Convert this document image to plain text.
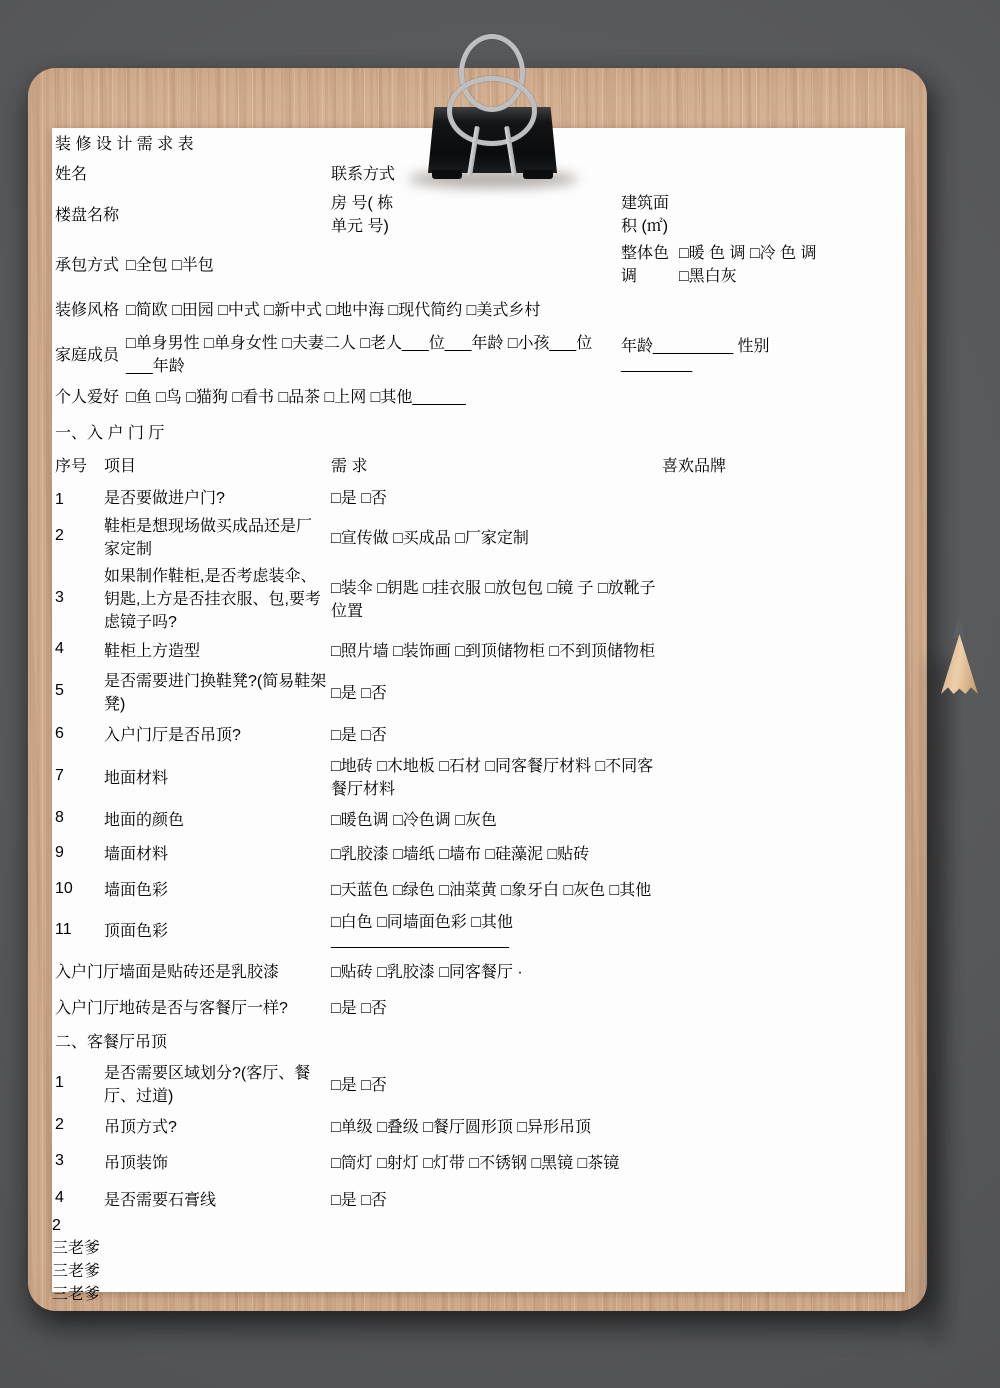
装 修 设 计 需 求 表					
姓名		联系方式			
楼盘名称		房 号( 栋 单元 号)		建筑面积 (㎡)	
承包方式	□全包 □半包			整体色调	□暖 色 调 □冷 色 调 □黑白灰
装修风格	□简欧 □田园 □中式 □新中式 □地中海 □现代简约 □美式乡村				
家庭成员	□单身男性 □单身女性 □夫妻二人 □老人___位___年龄 □小孩___位___年龄			年龄_________ 性别 ________	
个人爱好	□鱼 □鸟 □猫狗 □看书 □品茶 □上网 □其他______				
一、入 户 门 厅			
序号	项目	需 求	喜欢品牌
1	是否要做进户门?	□是 □否	
2	鞋柜是想现场做买成品还是厂家定制	□宣传做 □买成品 □厂家定制	
3	如果制作鞋柜,是否考虑装伞、钥匙,上方是否挂衣服、包,要考虑镜子吗?	□装伞 □钥匙 □挂衣服 □放包包 □镜 子 □放靴子位置	
4	鞋柜上方造型	□照片墙 □装饰画 □到顶储物柜 □不到顶储物柜	
5	是否需要进门换鞋凳?(简易鞋架凳)	□是 □否	
6	入户门厅是否吊顶?	□是 □否	
7	地面材料	□地砖 □木地板 □石材 □同客餐厅材料 □不同客餐厅材料	
8	地面的颜色	□暖色调 □冷色调 □灰色	
9	墙面材料	□乳胶漆 □墙纸 □墙布 □硅藻泥 □贴砖	
10	墙面色彩	□天蓝色 □绿色 □油菜黄 □象牙白 □灰色 □其他	
11	顶面色彩	□白色 □同墙面色彩 □其他____________________	
入户门厅墙面是贴砖还是乳胶漆		□贴砖 □乳胶漆 □同客餐厅 ·	
入户门厅地砖是否与客餐厅一样?		□是 □否	
二、客餐厅吊顶			
1	是否需要区域划分?(客厅、餐厅、过道)	□是 □否	
2	吊顶方式?	□单级 □叠级 □餐厅圆形顶 □异形吊顶	
3	吊顶装饰	□筒灯 □射灯 □灯带 □不锈钢 □黑镜 □茶镜	
4	是否需要石膏线	□是 □否	
2
三老爹
三老爹
三老爹
